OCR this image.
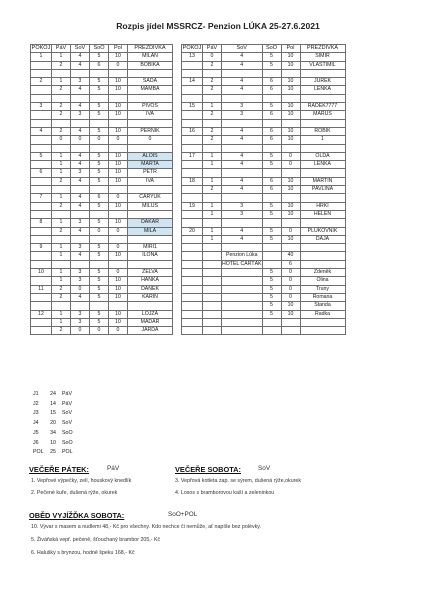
Rozpis jídel MSSRCZ- Penzion LÚKA 25-27.6.2021
POKOJ	PáV	SoV	SoO	Pol	PŘEZDÍVKA
1	1	4	5	10	MILAN
	2	4	6	0	BOBIKA

2	1	3	5	10	SAĎA
	2	4	5	10	MAMBA

3	2	4	5	10	PIVOŠ
	2	3	5	10	IVA

4	2	4	5	10	PERNÍK
	0	0	0	0	0

5	1	4	5	10	ALOIS
	1	4	5	10	MARTA
6	1	3	5	10	PETR
	2	4	5	10	IVA

7	1	4	6	0	ČARYUK
	2	4	5	10	MILUŠ

8	1	3	5	10	DAKAR
	2	4	0	0	MILA

9	1	3	5	0	MIŘI1
	1	4	5	10	ILONA

10	1	3	5	0	ŽELVA
	1	3	5	10	HANKA
11	2	0	5	10	DANEK
	2	4	5	10	KARIN

12	1	3	5	10	LOJZA
	1	3	5	10	MAĎAR
	2	0	0	0	JARDA
POKOJ	PáV	SoV	SoO	Pol	PŘEZDÍVKA
13	0	4	5	10	SIMIR
	2	4	5	10	VLASTIMIL

14	2	4	6	10	JUREK
	2	4	6	10	LENKA

15	1	3	5	10	RADEK7777
	2	3	6	10	MARUŠ

16	2	4	6	10	ROBÍK
	2	4	6	10	1

17	1	4	5	0	OLDA
	1	4	5	0	LENKA

18	1	4	6	10	MARTIN
	2	4	6	10	PAVLÍNA

19	1	3	5	10	HRKI
	1	3	5	10	HELEN

20	1	4	5	0	PLUKOVNÍK
	1	4	5	10	DÁJA

		Penzion Lúka		40	
		HOTEL ČARTÁK		6	
			5	0	Zdeněk
			5	0	Olina
			5	0	Truny
			5	0	Romana
			5	10	Standa
			5	10	Radka

J1 24 PáV
J2 14 PáV
J3 15 SoV
J4 20 SoV
J5 34 SoO
J6 10 SoO
POL 25 POL
VEČEŘE PÁTEK:	PáV
1. Vepřové výpečky, zelí, houskový knedlík
2. Pečené kuře, dušená rýže, okurek
VEČEŘE SOBOTA:	SoV
3. Vepřová kotleta zap. se sýrem, dušená rýže,okurek
4. Losos s bramborovou kaší a zeleninkou
OBĚD VYJÍŽĎKA SOBOTA:	SoO+POL
10. Vývar s masem a nudlemi 48,- Kč pro všechny. Kdo nechce či nemůže, ať napíše bez polévky.
5. Živáňská vepř. pečeně, šťouchaný brambor 205,- Kč
6. Halušky s brynzou, hodně špeku 168,- Kč
